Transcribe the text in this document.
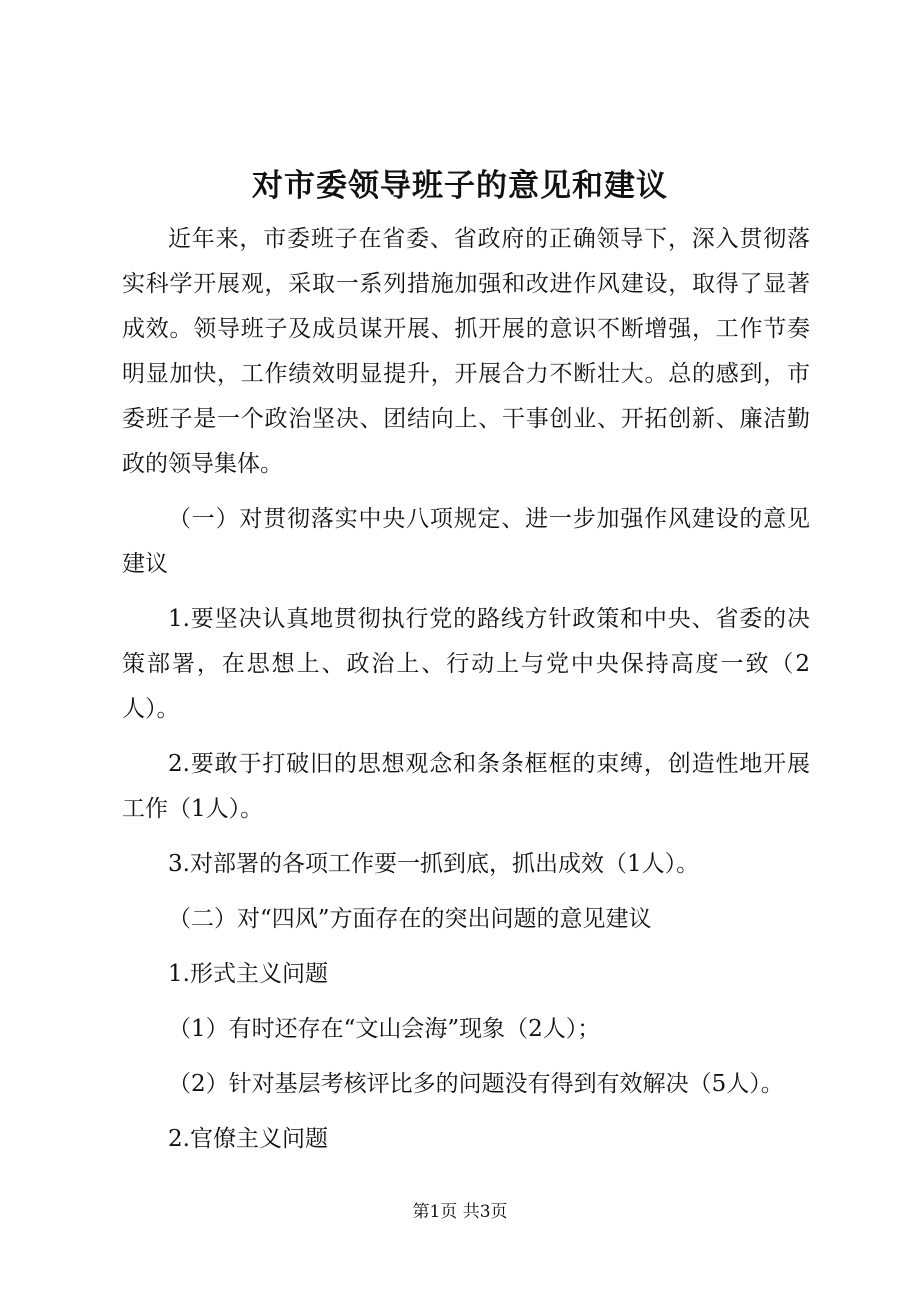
对市委领导班子的意见和建议

近年来，市委班子在省委、省政府的正确领导下，深入贯彻落实科学开展观，采取一系列措施加强和改进作风建设，取得了显著成效。领导班子及成员谋开展、抓开展的意识不断增强，工作节奏明显加快，工作绩效明显提升，开展合力不断壮大。总的感到，市委班子是一个政治坚决、团结向上、干事创业、开拓创新、廉洁勤政的领导集体。

（一）对贯彻落实中央八项规定、进一步加强作风建设的意见建议

1.要坚决认真地贯彻执行党的路线方针政策和中央、省委的决策部署，在思想上、政治上、行动上与党中央保持高度一致（2人）。

2.要敢于打破旧的思想观念和条条框框的束缚，创造性地开展工作（1人）。

3.对部署的各项工作要一抓到底，抓出成效（1人）。

（二）对“四风”方面存在的突出问题的意见建议

1.形式主义问题

（1）有时还存在“文山会海”现象（2人）；

（2）针对基层考核评比多的问题没有得到有效解决（5人）。

2.官僚主义问题

第1页 共3页
